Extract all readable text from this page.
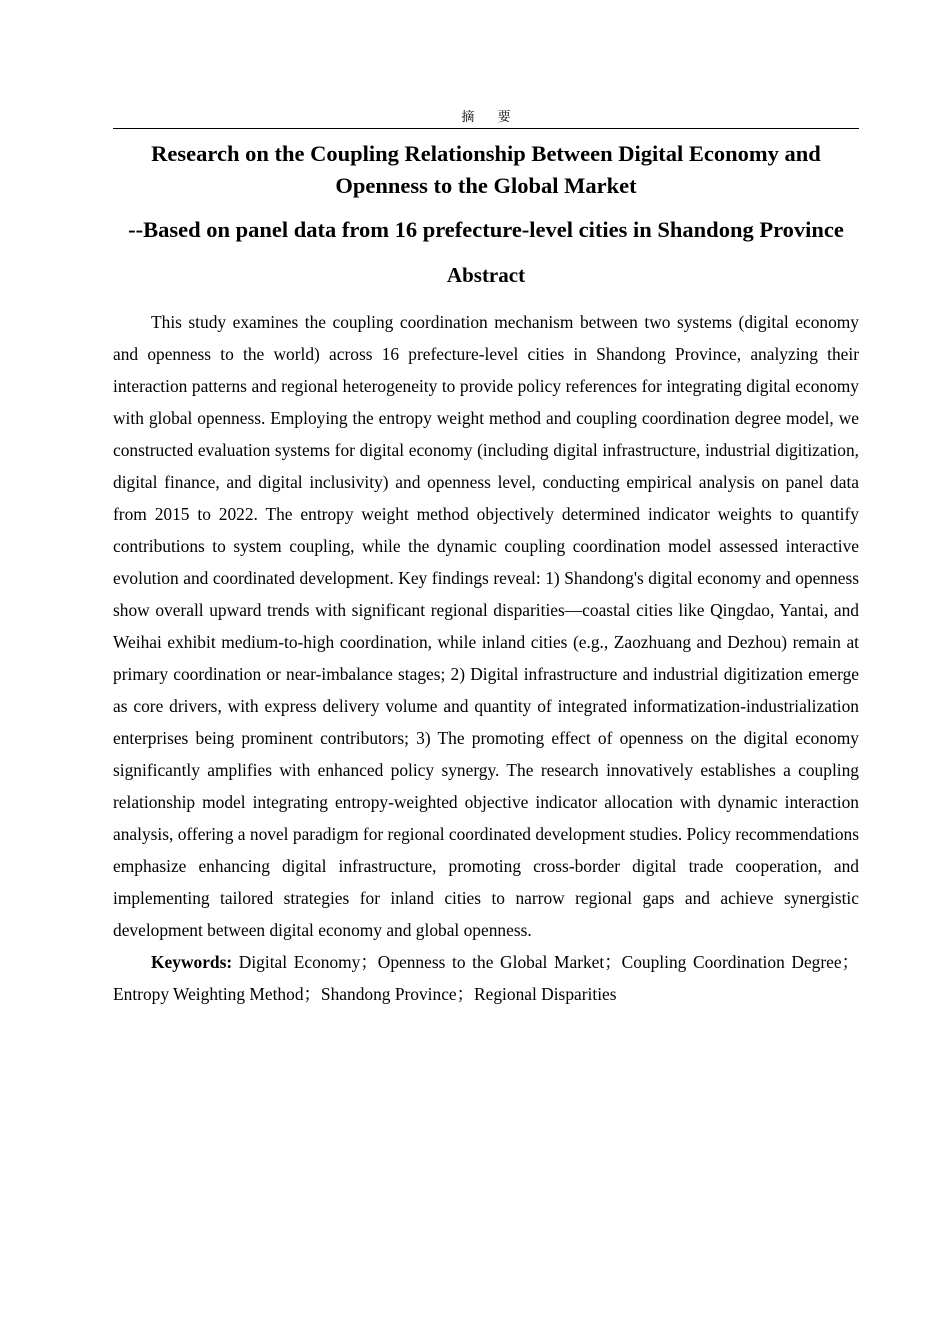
摘 要
Research on the Coupling Relationship Between Digital Economy and Openness to the Global Market
--Based on panel data from 16 prefecture-level cities in Shandong Province
Abstract

This study examines the coupling coordination mechanism between two systems (digital economy and openness to the world) across 16 prefecture-level cities in Shandong Province, analyzing their interaction patterns and regional heterogeneity to provide policy references for integrating digital economy with global openness. Employing the entropy weight method and coupling coordination degree model, we constructed evaluation systems for digital economy (including digital infrastructure, industrial digitization, digital finance, and digital inclusivity) and openness level, conducting empirical analysis on panel data from 2015 to 2022. The entropy weight method objectively determined indicator weights to quantify contributions to system coupling, while the dynamic coupling coordination model assessed interactive evolution and coordinated development. Key findings reveal: 1) Shandong's digital economy and openness show overall upward trends with significant regional disparities—coastal cities like Qingdao, Yantai, and Weihai exhibit medium-to-high coordination, while inland cities (e.g., Zaozhuang and Dezhou) remain at primary coordination or near-imbalance stages; 2) Digital infrastructure and industrial digitization emerge as core drivers, with express delivery volume and quantity of integrated informatization-industrialization enterprises being prominent contributors; 3) The promoting effect of openness on the digital economy significantly amplifies with enhanced policy synergy. The research innovatively establishes a coupling relationship model integrating entropy-weighted objective indicator allocation with dynamic interaction analysis, offering a novel paradigm for regional coordinated development studies. Policy recommendations emphasize enhancing digital infrastructure, promoting cross-border digital trade cooperation, and implementing tailored strategies for inland cities to narrow regional gaps and achieve synergistic development between digital economy and global openness.

Keywords: Digital Economy；Openness to the Global Market；Coupling Coordination Degree；Entropy Weighting Method；Shandong Province；Regional Disparities
